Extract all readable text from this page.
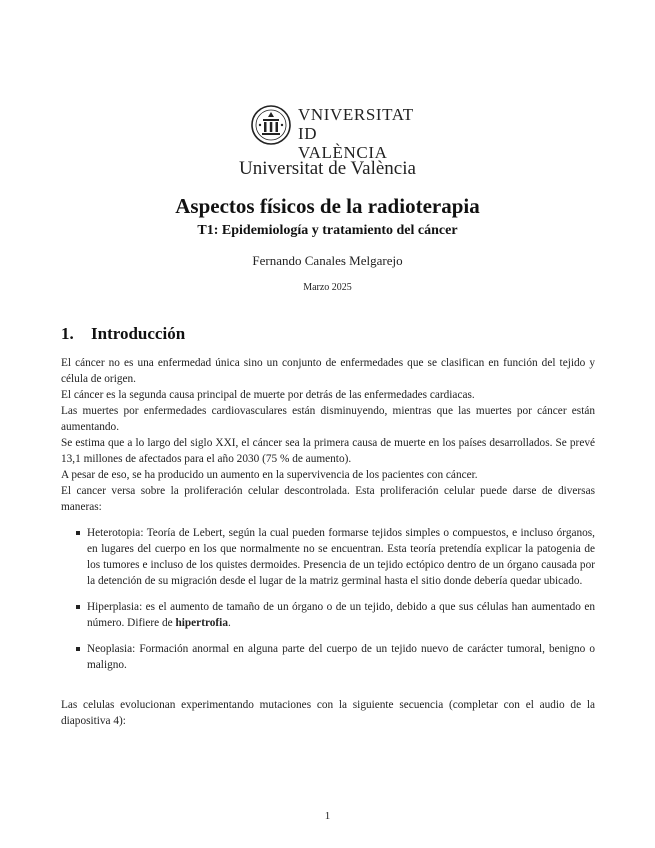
VNIVERSITAT
ID VALÈNCIA
Universitat de València
Aspectos físicos de la radioterapia
T1: Epidemiología y tratamiento del cáncer
Fernando Canales Melgarejo
Marzo 2025
1. Introducción

El cáncer no es una enfermedad única sino un conjunto de enfermedades que se clasifican en función del tejido y célula de origen.

El cáncer es la segunda causa principal de muerte por detrás de las enfermedades cardiacas.

Las muertes por enfermedades cardiovasculares están disminuyendo, mientras que las muertes por cáncer están aumentando.

Se estima que a lo largo del siglo XXI, el cáncer sea la primera causa de muerte en los países desarrollados. Se prevé 13,1 millones de afectados para el año 2030 (75 % de aumento).

A pesar de eso, se ha producido un aumento en la supervivencia de los pacientes con cáncer.

El cancer versa sobre la proliferación celular descontrolada. Esta proliferación celular puede darse de diversas maneras:

Heterotopia: Teoría de Lebert, según la cual pueden formarse tejidos simples o compuestos, e incluso órganos, en lugares del cuerpo en los que normalmente no se encuentran. Esta teoría pretendía explicar la patogenia de los tumores e incluso de los quistes dermoides. Presencia de un tejido ectópico dentro de un órgano causada por la detención de su migración desde el lugar de la matriz germinal hasta el sitio donde debería quedar ubicado.
Hiperplasia: es el aumento de tamaño de un órgano o de un tejido, debido a que sus células han aumentado en número. Difiere de hipertrofia.
Neoplasia: Formación anormal en alguna parte del cuerpo de un tejido nuevo de carácter tumoral, benigno o maligno.

Las celulas evolucionan experimentando mutaciones con la siguiente secuencia (completar con el audio de la diapositiva 4):

1
